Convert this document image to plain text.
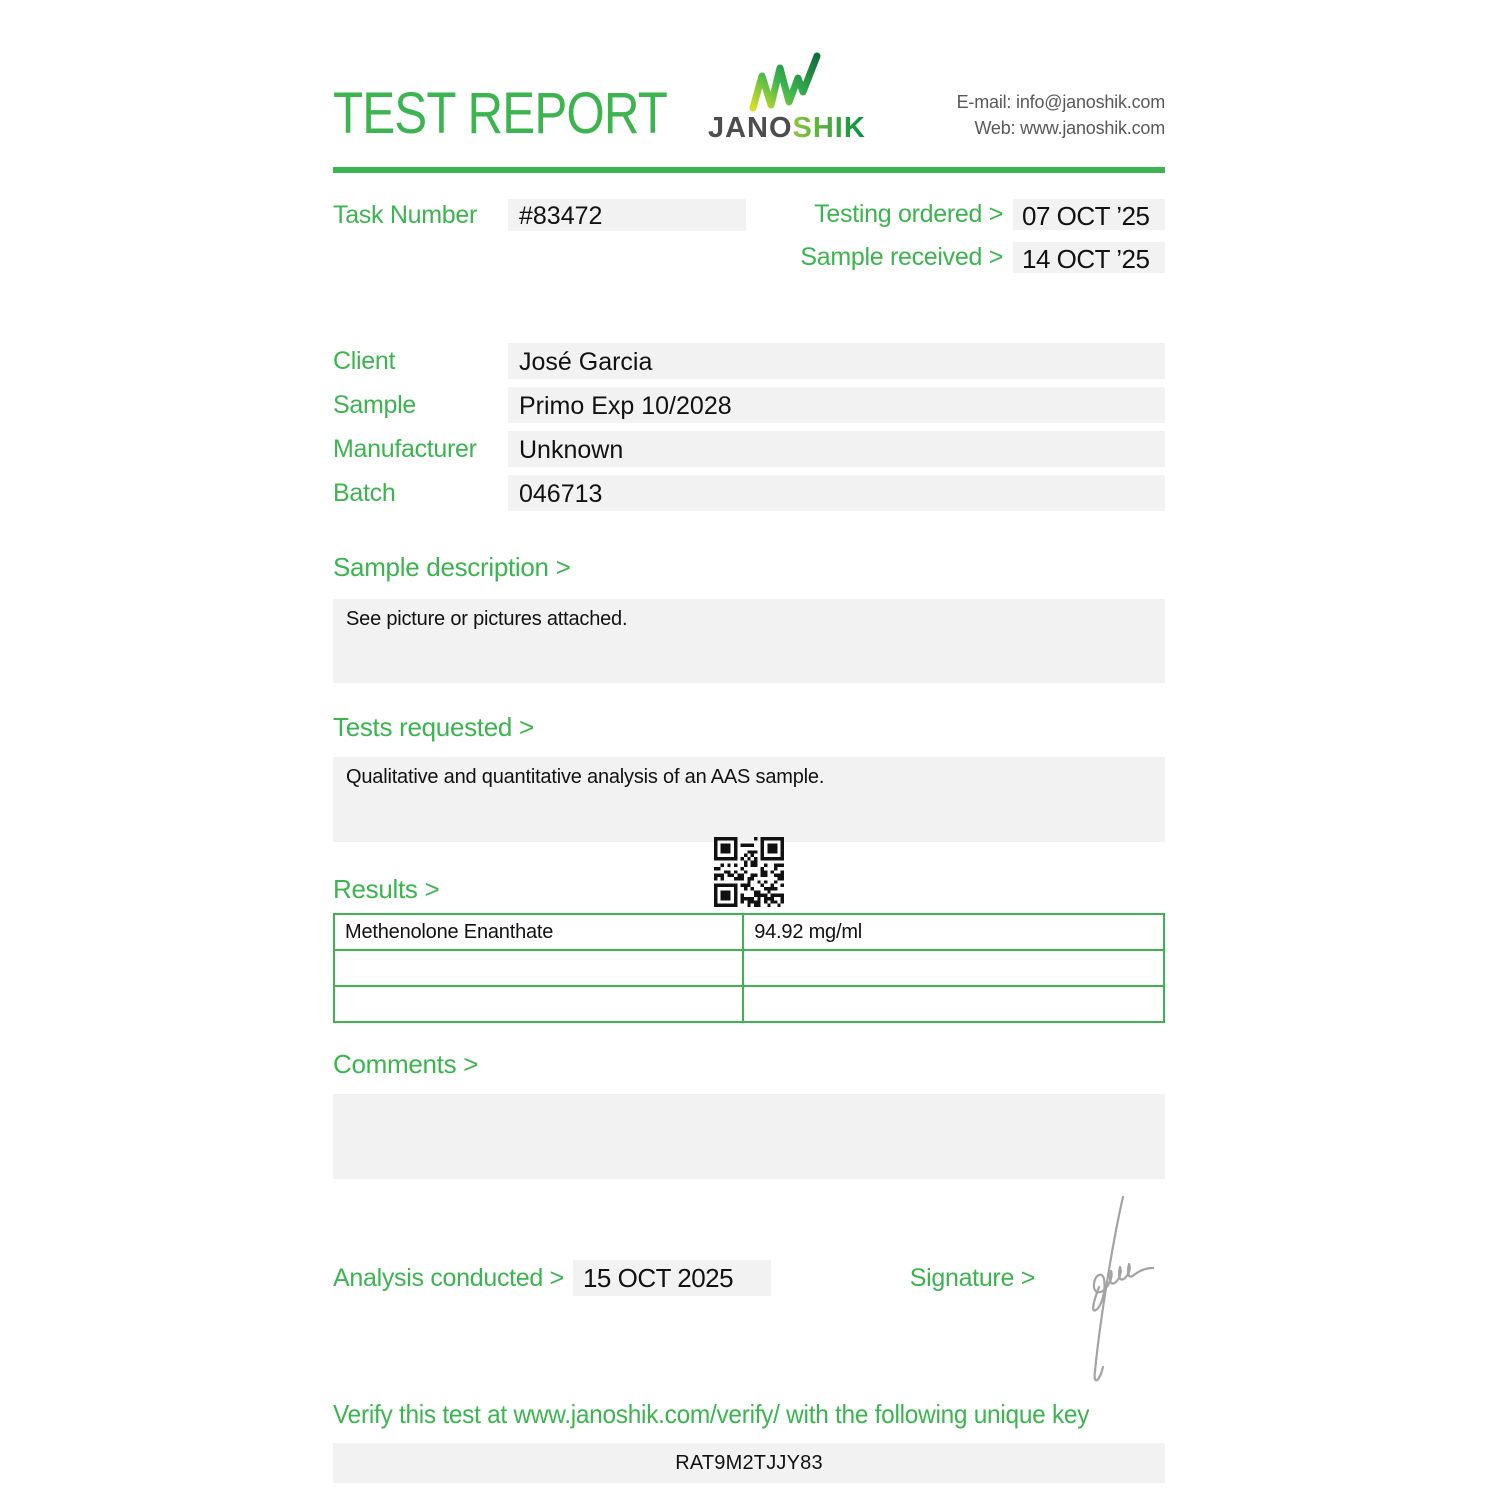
TEST REPORT JANOSHIK
E-mail: info@janoshik.com
Web: www.janoshik.com
Task Number	#83472	Testing ordered > 07 OCT ’25
Sample received > 14 OCT ’25
Client	José Garcia
Sample	Primo Exp 10/2028
Manufacturer	Unknown
Batch	046713
Sample description >
See picture or pictures attached.
Tests requested >
Qualitative and quantitative analysis of an AAS sample.
Results >
Methenolone Enanthate	94.92 mg/ml

Comments >
Analysis conducted > 15 OCT 2025	Signature >
Verify this test at www.janoshik.com/verify/ with the following unique key
RAT9M2TJJY83
